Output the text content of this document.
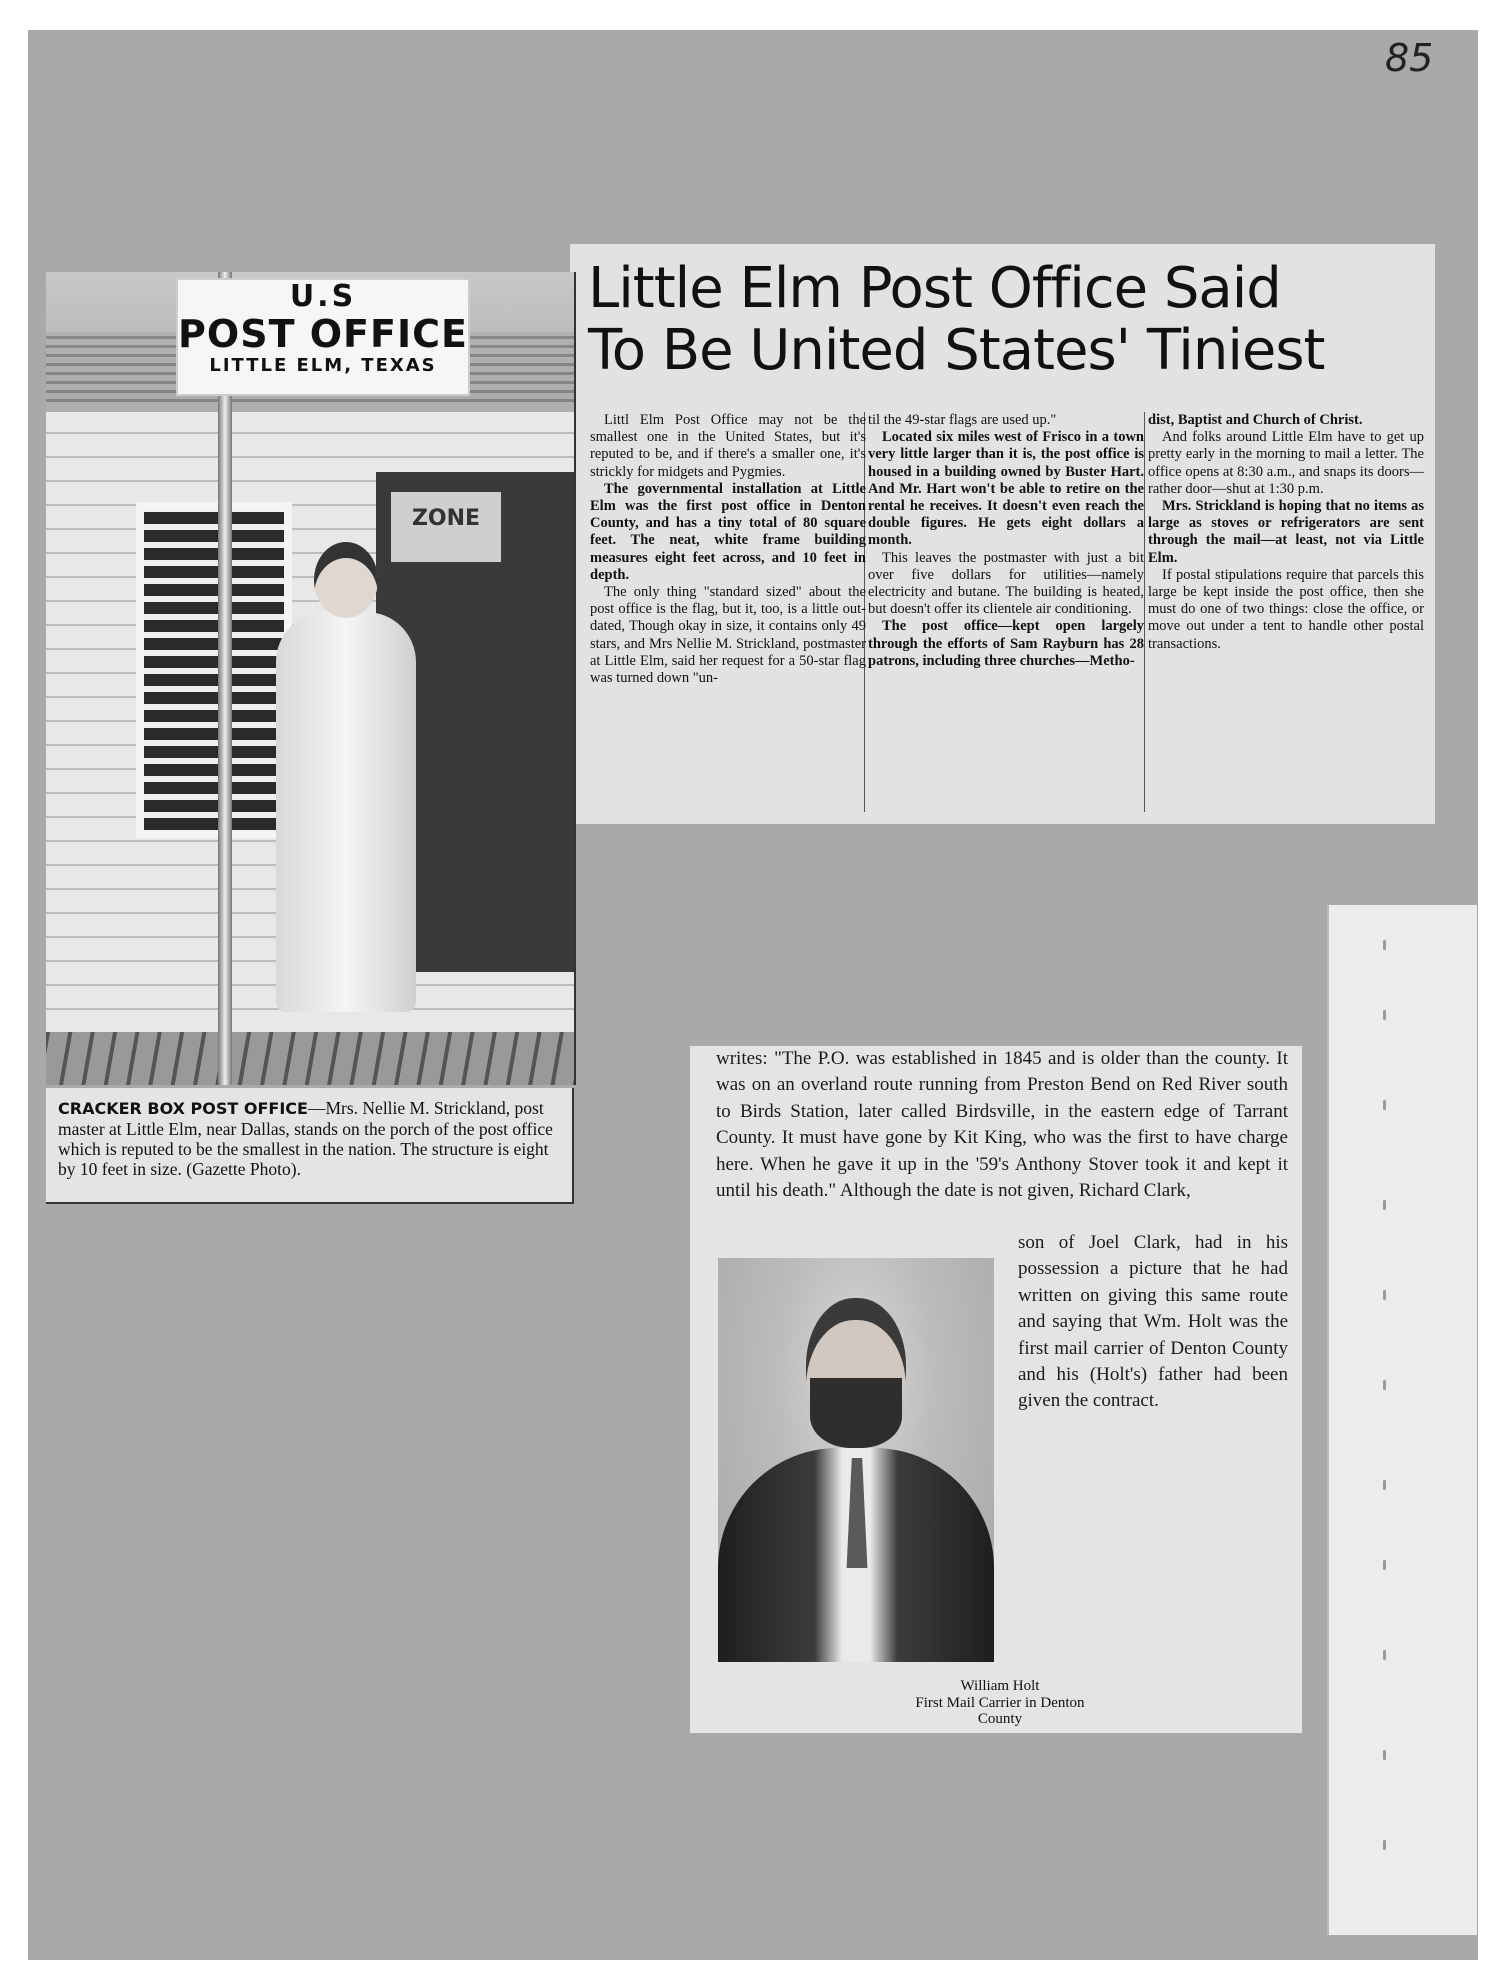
85
ZONE
U.S
POST OFFICE
LITTLE ELM, TEXAS
CRACKER BOX POST OFFICE—Mrs. Nellie M. Strickland, post master at Little Elm, near Dallas, stands on the porch of the post office which is reputed to be the smallest in the nation. The structure is eight by 10 feet in size. (Gazette Photo).
Little Elm Post Office Said
To Be United States' Tiniest

Littl Elm Post Office may not be the smallest one in the United States, but it's reputed to be, and if there's a smaller one, it's strickly for midgets and Pygmies.

The governmental installation at Little Elm was the first post office in Denton County, and has a tiny total of 80 square feet. The neat, white frame building measures eight feet across, and 10 feet in depth.

The only thing "standard sized" about the post office is the flag, but it, too, is a little out-dated, Though okay in size, it contains only 49 stars, and Mrs Nellie M. Strickland, postmaster at Little Elm, said her request for a 50-star flag was turned down "un-

til the 49-star flags are used up."

Located six miles west of Frisco in a town very little larger than it is, the post office is housed in a building owned by Buster Hart. And Mr. Hart won't be able to retire on the rental he receives. It doesn't even reach the double figures. He gets eight dollars a month.

This leaves the postmaster with just a bit over five dollars for utilities—namely electricity and butane. The building is heated, but doesn't offer its clientele air conditioning.

The post office—kept open largely through the efforts of Sam Rayburn has 28 patrons, including three churches—Metho-

dist, Baptist and Church of Christ.

And folks around Little Elm have to get up pretty early in the morning to mail a letter. The office opens at 8:30 a.m., and snaps its doors—rather door—shut at 1:30 p.m.

Mrs. Strickland is hoping that no items as large as stoves or refrigerators are sent through the mail—at least, not via Little Elm.

If postal stipulations require that parcels this large be kept inside the post office, then she must do one of two things: close the office, or move out under a tent to handle other postal transactions.

writes: "The P.O. was established in 1845 and is older than the county. It was on an overland route running from Preston Bend on Red River south to Birds Station, later called Birdsville, in the eastern edge of Tarrant County. It must have gone by Kit King, who was the first to have charge here. When he gave it up in the '59's Anthony Stover took it and kept it until his death." Although the date is not given, Richard Clark,

son of Joel Clark, had in his possession a picture that he had written on giving this same route and saying that Wm. Holt was the first mail carrier of Denton County and his (Holt's) father had been given the contract.

William Holt
First Mail Carrier in Denton
County
